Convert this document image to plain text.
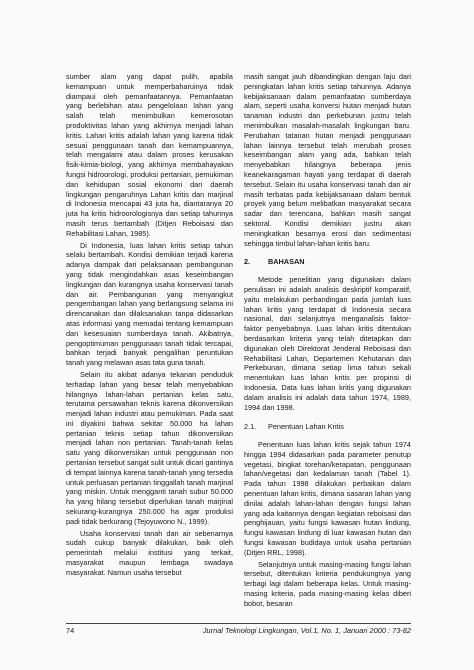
sumber alam yang dapat pulih, apabila kemampuan untuk memperbaharuinya tidak diampaui oleh pemanfaatannya. Pemanfaatan yang berlebihan atau pengelolaan lahan yang salah telah menimbulkan kemerosotan produktivitas lahan yang akhirnya menjadi lahan kritis. Lahan kritis adalah lahan yang karena tidak sesuai penggunaan tanah dan kemampuannya, telah mengalami atau dalam proses kerusakan fisik-kimia-biologi, yang akhirnya membahayakan fungsi hidroorologi, produksi pertanian, pemukiman dan kehidupan sosial ekonomi dari daerah lingkungan pengaruhnya Lahan kritis dan marjinal di Indonesia mencapai 43 juta ha, diantaranya 20 juta ha kritis hidroorologisnya dan setiap tahunnya masih terus bertambah (Ditjen Reboisasi dan Rehabilitasi Lahan, 1985).

Di Indonesia, luas lahan kritis setiap tahun selalu bertambah. Kondisi demikian terjadi karena adanya dampak dari pelaksanaan pembangunan yang tidak mengindahkan asas keseimbangan lingkungan dan kurangnya usaha konservasi tanah dan air. Pembangunan yang menyangkut pengembangan lahan yang berlangsung selama ini direncanakan dan dilaksanakan tanpa didasarkan atas informasi yang memadai tentang kemampuan dan kesesuaian sumberdaya tanah. Akibatnya, pengoptimuman penggunaan tanah tidak tercapai, bahkan terjadi banyak pengalihan peruntukan tanah yang melawan asas tata guna tanah.

Selain itu akibat adanya tekanan penduduk terhadap lahan yang besar telah menyebabkan hilangnya lahan-lahan pertanian kelas satu, terutama persawahan teknis karena dikonversikan menjadi lahan industri atau pemukiman. Pada saat ini diyakini bahwa sekitar 50.000 ha lahan pertanian teknis setiap tahun dikonversikan menjadi lahan non pertanian. Tanah-tanah kelas satu yang dikonversikan untuk penggunaan non pertanian tersebut sangat sulit untuk dicari gantinya di tempat lainnya karena tanah-tanah yang tersedia untuk perluasan pertanian tinggallah tanah marjinal yang miskin. Untuk mengganti tanah subur 50.000 ha yang hilang tersebut diperlukan tanah marjinal sekurang-kurangnya 250.000 ha agar produksi padi tidak berkurang (Tejoyuwono N., 1999).

Usaha konservasi tanah dan air sebenarnya sudah cukup banyak dilakukan, baik oleh pemerintah melalui institusi yang terkait, masyarakat maupun lembaga swadaya masyarakat. Namun usaha tersebut

masih sangat jauh dibandingkan dengan laju dari peningkatan lahan kritis setiap tahunnya. Adanya kebijaksanaan dalam pemanfaatan sumberdaya alam, seperti usaha konversi hutan menjadi hutan tanaman industri dan perkebunan justru telah menimbulkan masalah-masalah lingkungan baru. Perubahan tatanan hutan menjadi penggunaan lahan lainnya tersebut telah merubah proses keseimbangan alam yang ada, bahkan telah menyebabkan hilangnya beberapa jenis keanekaragaman hayati yang terdapat di daerah tersebut. Selain itu usaha konservasi tanah dan air masih terbatas pada kebijaksanaan dalam bentuk proyek yang belum melibatkan masyarakat secara sadar dan terencana, bahkan masih sangat sektoral. Kondisi demikian justru akan meningkatkan besarnya erosi dan sedimentasi sehingga timbul lahan-lahan kritis baru.

2.	BAHASAN

Metode penelitian yang digunakan dalam penulisan ini adalah analisis deskriptif komparatif, yaitu melakukan perbandingan pada jumlah luas lahan kritis yang terdapat di Indonesia secara nasional, dan selanjutnya menganalisis faktor-faktor penyebabnya. Luas lahan kritis ditentukan berdasarkan kriteria yang telah ditetapkan dan digunakan oleh Direktorat Jenderal Reboisasi dan Rehabilitasi Lahan, Departemen Kehutanan dan Perkebunan, dimana setiap lima tahun sekali menentukan luas lahan kritis per propinsi di Indonesia. Data luas lahan kritis yang digunakan dalam analisis ini adalah data tahun 1974, 1989, 1994 dan 1998.

2.1.	Penentuan Lahan Kritis

Penentuan luas lahan kritis sejak tahun 1974 hingga 1994 didasarkan pada parameter penutup vegetasi, bingkat torehan/kerapatan, penggunaan lahan/vegetasi dan kedalaman tanah (Tabel 1). Pada tahun 1998 dilakukan perbaikan dalam penentuan lahan kritis, dimana sasaran lahan yang dinilai adalah lahan-lahan dengan fungsi lahan yang ada kaitannya dengan kegiatan reboisasi dan penghijauan, yaitu fungsi kawasan hutan lindung, fungsi kawasan lindung di luar kawasan hutan dan fungsi kawasan budidaya untuk usaha pertanian (Ditjen RRL, 1998).

Selanjutnya untuk masing-masing fungsi lahan tersebut, ditentukan kriteria pendukungnya yang terbagi lagi dalam beberapa kelas. Untuk masing-masing kriteria, pada masing-masing kelas diberi bobot, besaran

74	Jurnal Teknologi Lingkungan, Vol.1, No. 1, Januari 2000 : 73-82
